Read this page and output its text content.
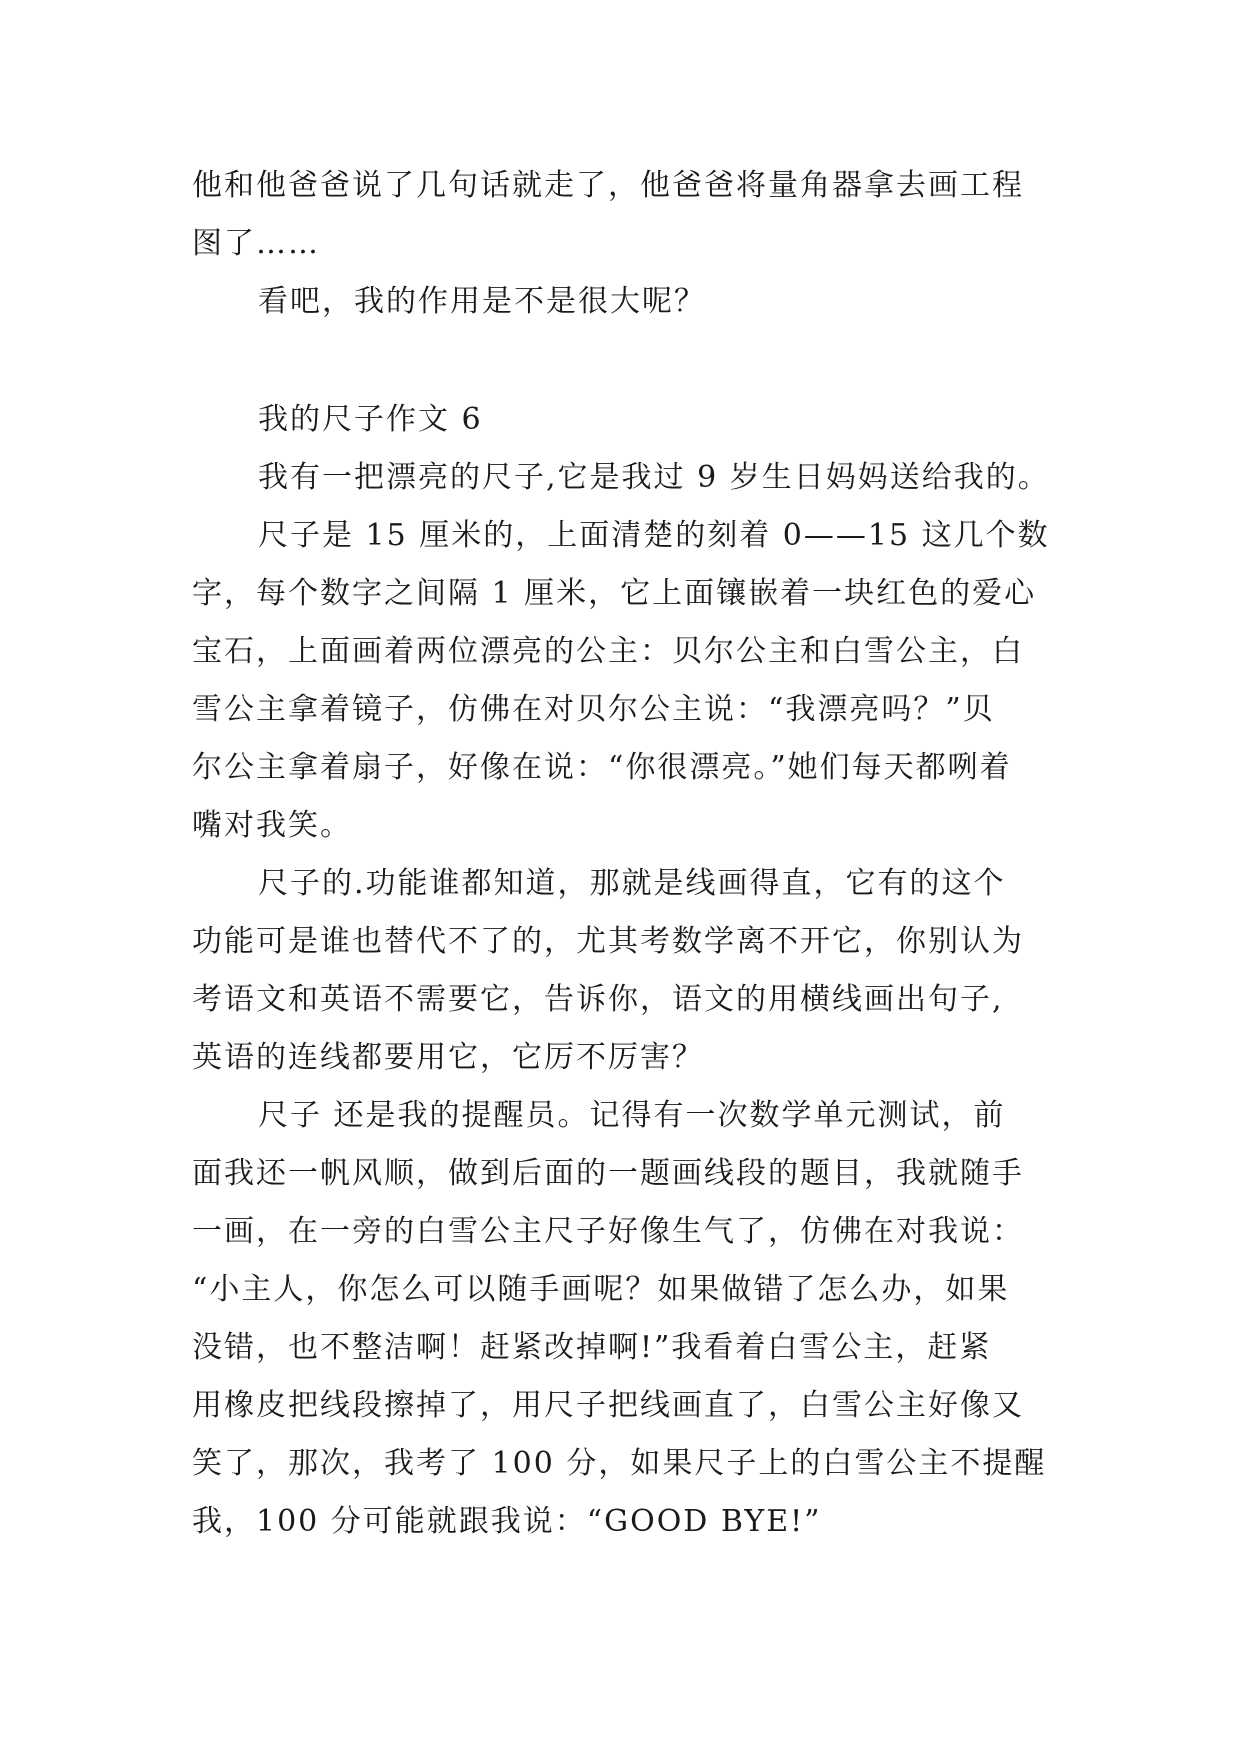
他和他爸爸说了几句话就走了，他爸爸将量角器拿去画工程
图了……
看吧，我的作用是不是很大呢？
我的尺子作文 6
我有一把漂亮的尺子,它是我过 9 岁生日妈妈送给我的。
尺子是 15 厘米的，上面清楚的刻着 0——15 这几个数
字，每个数字之间隔 1 厘米，它上面镶嵌着一块红色的爱心
宝石，上面画着两位漂亮的公主：贝尔公主和白雪公主，白
雪公主拿着镜子，仿佛在对贝尔公主说：“我漂亮吗？”贝
尔公主拿着扇子，好像在说：“你很漂亮。”她们每天都咧着
嘴对我笑。
尺子的.功能谁都知道，那就是线画得直，它有的这个
功能可是谁也替代不了的，尤其考数学离不开它，你别认为
考语文和英语不需要它，告诉你，语文的用横线画出句子,
英语的连线都要用它，它厉不厉害？
尺子 还是我的提醒员。记得有一次数学单元测试，前
面我还一帆风顺，做到后面的一题画线段的题目，我就随手
一画，在一旁的白雪公主尺子好像生气了，仿佛在对我说：
“小主人，你怎么可以随手画呢？如果做错了怎么办，如果
没错，也不整洁啊！赶紧改掉啊!”我看着白雪公主，赶紧
用橡皮把线段擦掉了，用尺子把线画直了，白雪公主好像又
笑了，那次，我考了 100 分，如果尺子上的白雪公主不提醒
我，100 分可能就跟我说：“GOOD BYE!”
